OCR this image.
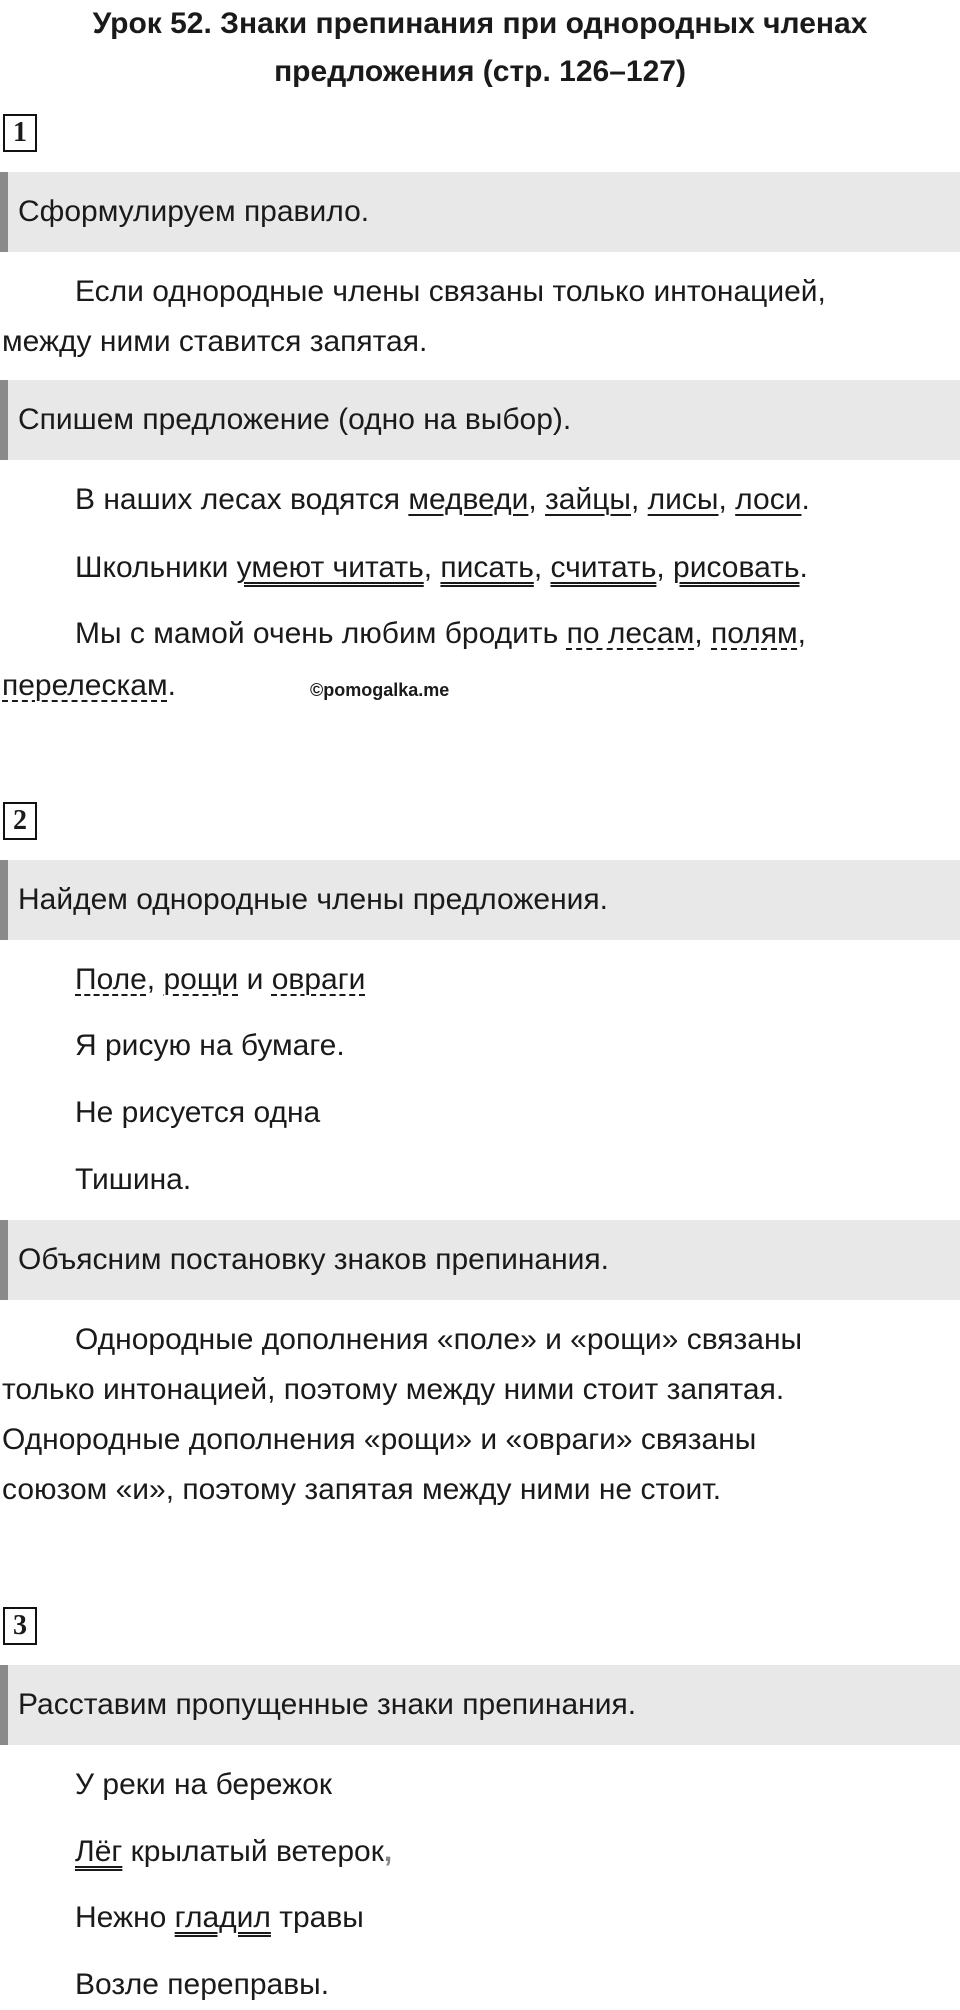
Урок 52. Знаки препинания при однородных членах
предложения (стр. 126–127)
1
Сформулируем правило.
Если однородные члены связаны только интонацией,
между ними ставится запятая.
Спишем предложение (одно на выбор).
В наших лесах водятся медведи, зайцы, лисы, лоси.
Школьники умеют читать, писать, считать, рисовать.
Мы с мамой очень любим бродить по лесам, полям,
перелескам.	©pomogalka.me
2
Найдем однородные члены предложения.
Поле, рощи и овраги
Я рисую на бумаге.
Не рисуется одна
Тишина.
Объясним постановку знаков препинания.
Однородные дополнения «поле» и «рощи» связаны
только интонацией, поэтому между ними стоит запятая.
Однородные дополнения «рощи» и «овраги» связаны
союзом «и», поэтому запятая между ними не стоит.
3
Расставим пропущенные знаки препинания.
У реки на бережок
Лёг крылатый ветерок,
Нежно гладил травы
Возле переправы.
